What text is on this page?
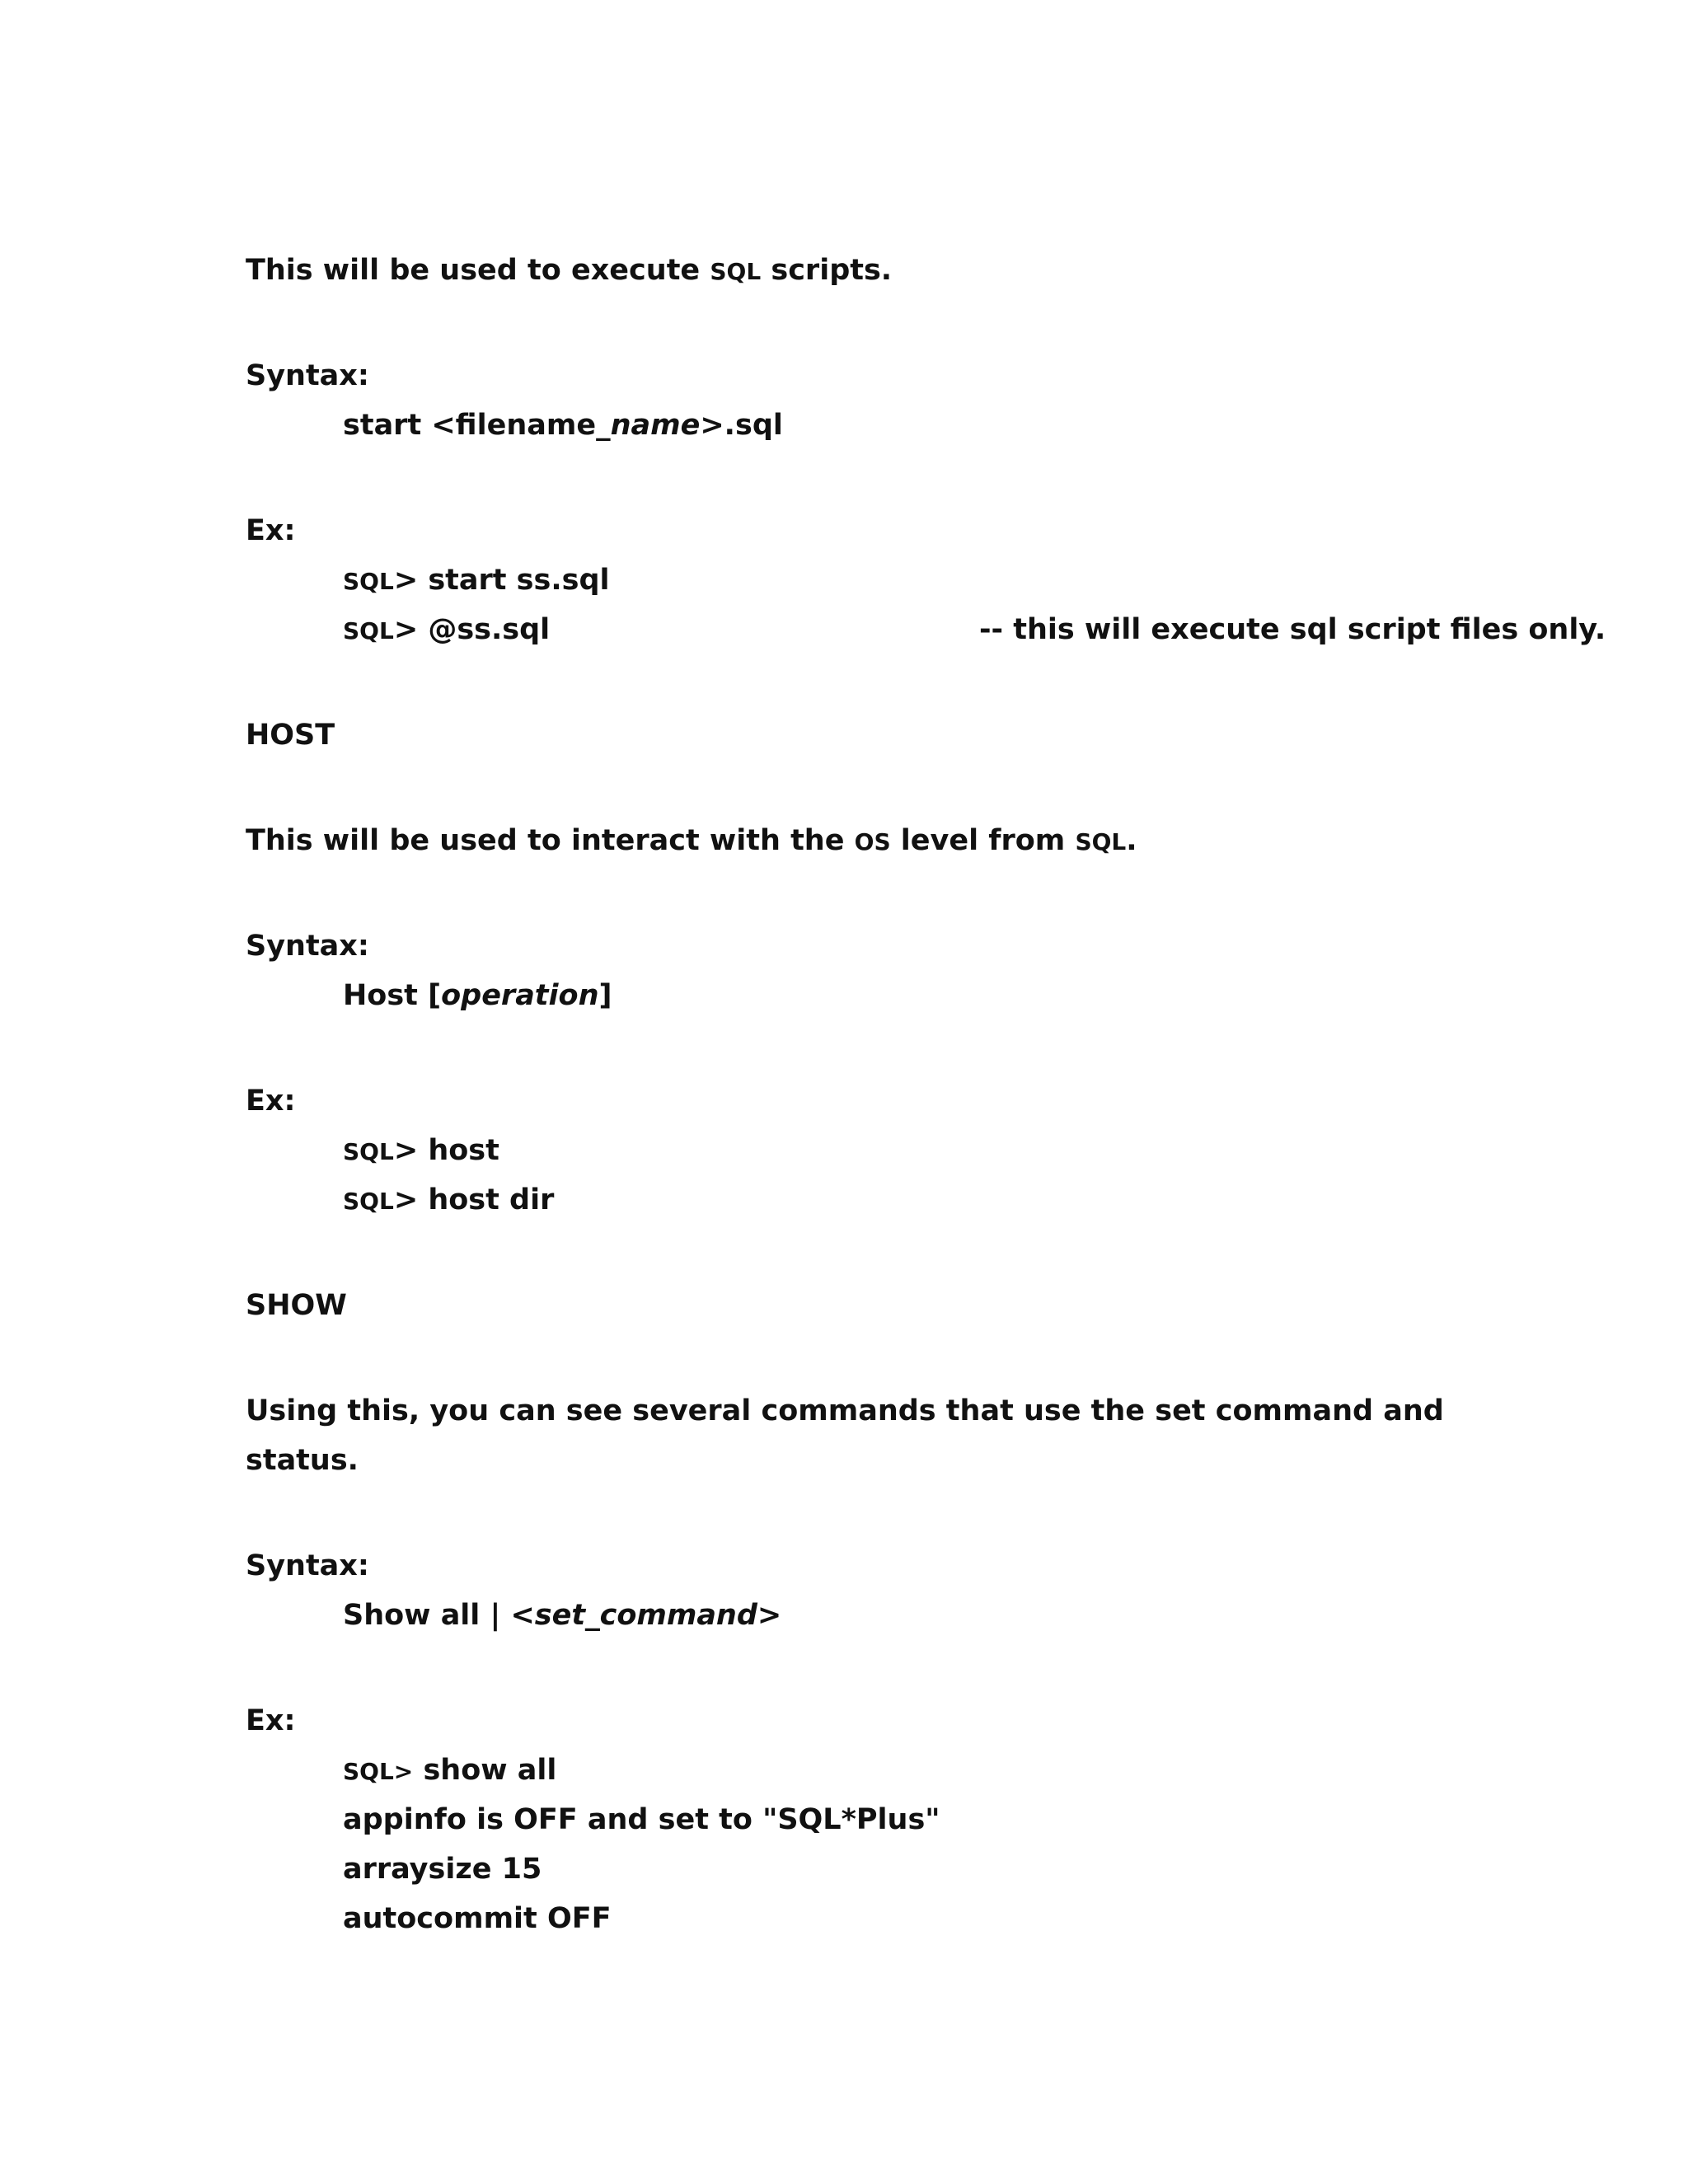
This will be used to execute SQL scripts.

Syntax:

start <filename_name>.sql

Ex:

SQL> start ss.sql

SQL> @ss.sql	-- this will execute sql script files only.

HOST

This will be used to interact with the OS level from SQL.

Syntax:

Host [operation]

Ex:

SQL> host

SQL> host dir

SHOW

Using this, you can see several commands that use the set command and

status.

Syntax:

Show all | <set_command>

Ex:

SQL> show all

appinfo is OFF and set to "SQL*Plus"

arraysize 15

autocommit OFF
